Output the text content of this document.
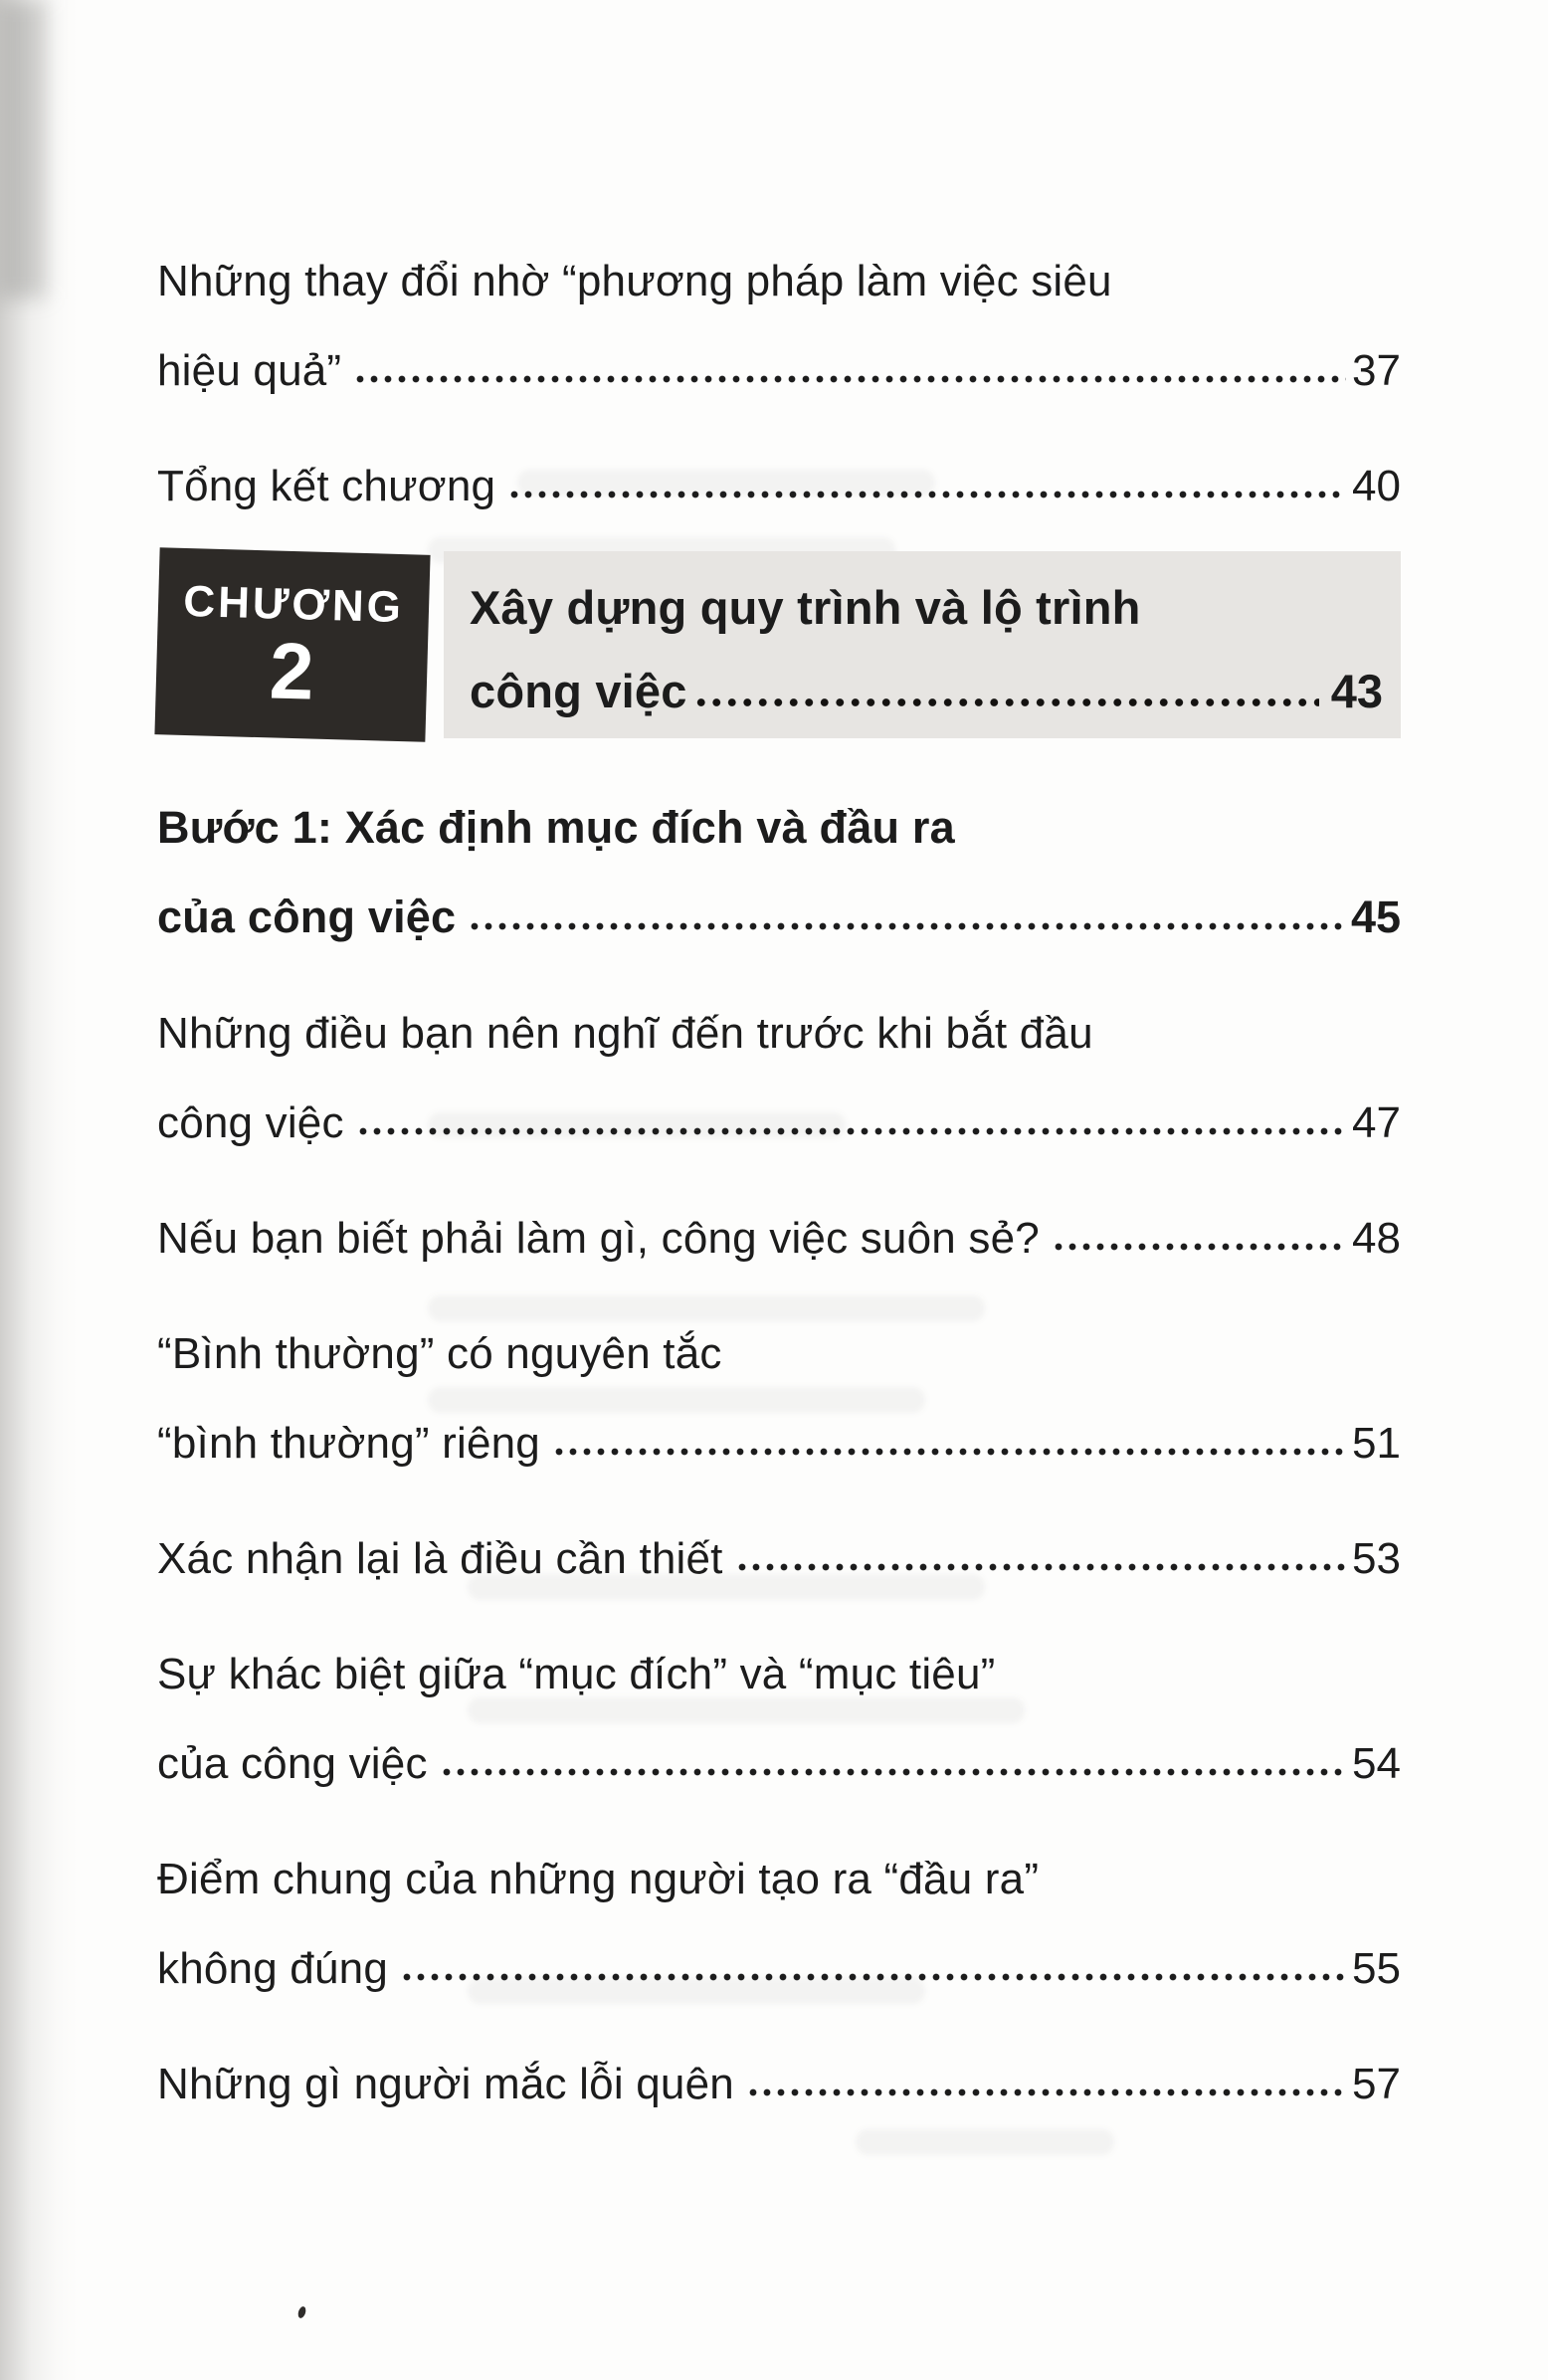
Những thay đổi nhờ “phương pháp làm việc siêu
hiệu quả”	37
Tổng kết chương	40
CHƯƠNG
2
Xây dựng quy trình và lộ trình
công việc	43
Bước 1: Xác định mục đích và đầu ra
của công việc	45
Những điều bạn nên nghĩ đến trước khi bắt đầu
công việc	47
Nếu bạn biết phải làm gì, công việc suôn sẻ?	48
“Bình thường” có nguyên tắc
“bình thường” riêng	51
Xác nhận lại là điều cần thiết	53
Sự khác biệt giữa “mục đích” và “mục tiêu”
của công việc	54
Điểm chung của những người tạo ra “đầu ra”
không đúng	55
Những gì người mắc lỗi quên	57
